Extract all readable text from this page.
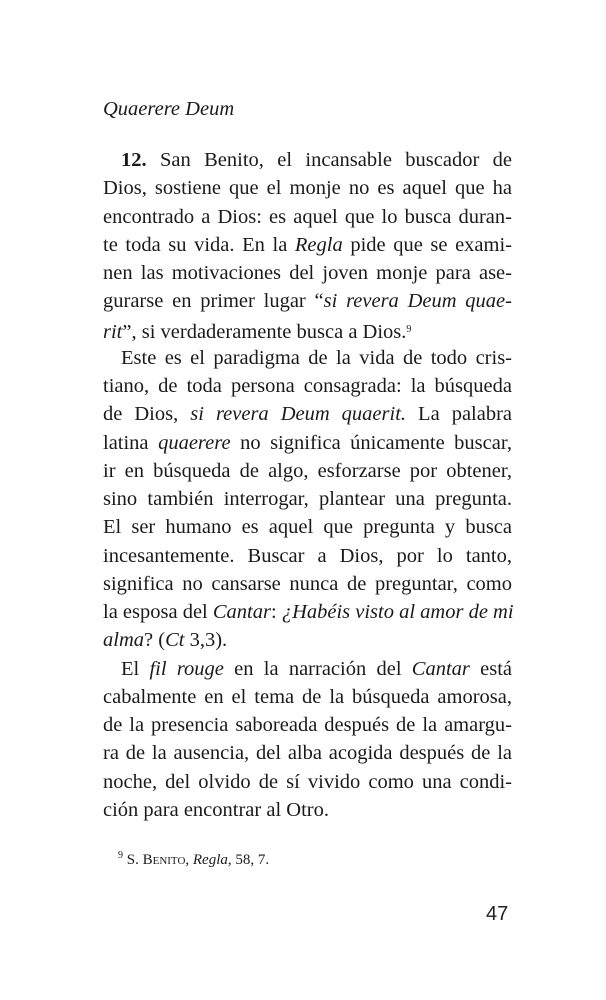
Quaerere Deum
12. San Benito, el incansable buscador de
Dios, sostiene que el monje no es aquel que ha
encontrado a Dios: es aquel que lo busca duran-
te toda su vida. En la Regla pide que se exami-
nen las motivaciones del joven monje para ase-
gurarse en primer lugar “si revera Deum quae-
rit”, si verdaderamente busca a Dios.$^9$
Este es el paradigma de la vida de todo cris-
tiano, de toda persona consagrada: la búsqueda
de Dios, si revera Deum quaerit. La palabra
latina quaerere no significa únicamente buscar,
ir en búsqueda de algo, esforzarse por obtener,
sino también interrogar, plantear una pregunta.
El ser humano es aquel que pregunta y busca
incesantemente. Buscar a Dios, por lo tanto,
significa no cansarse nunca de preguntar, como
la esposa del Cantar: ¿Habéis visto al amor de mi
alma? (Ct 3,3).
El fil rouge en la narración del Cantar está
cabalmente en el tema de la búsqueda amorosa,
de la presencia saboreada después de la amargu-
ra de la ausencia, del alba acogida después de la
noche, del olvido de sí vivido como una condi-
ción para encontrar al Otro.
$^9$ S. Benito, Regla, 58, 7.
47
